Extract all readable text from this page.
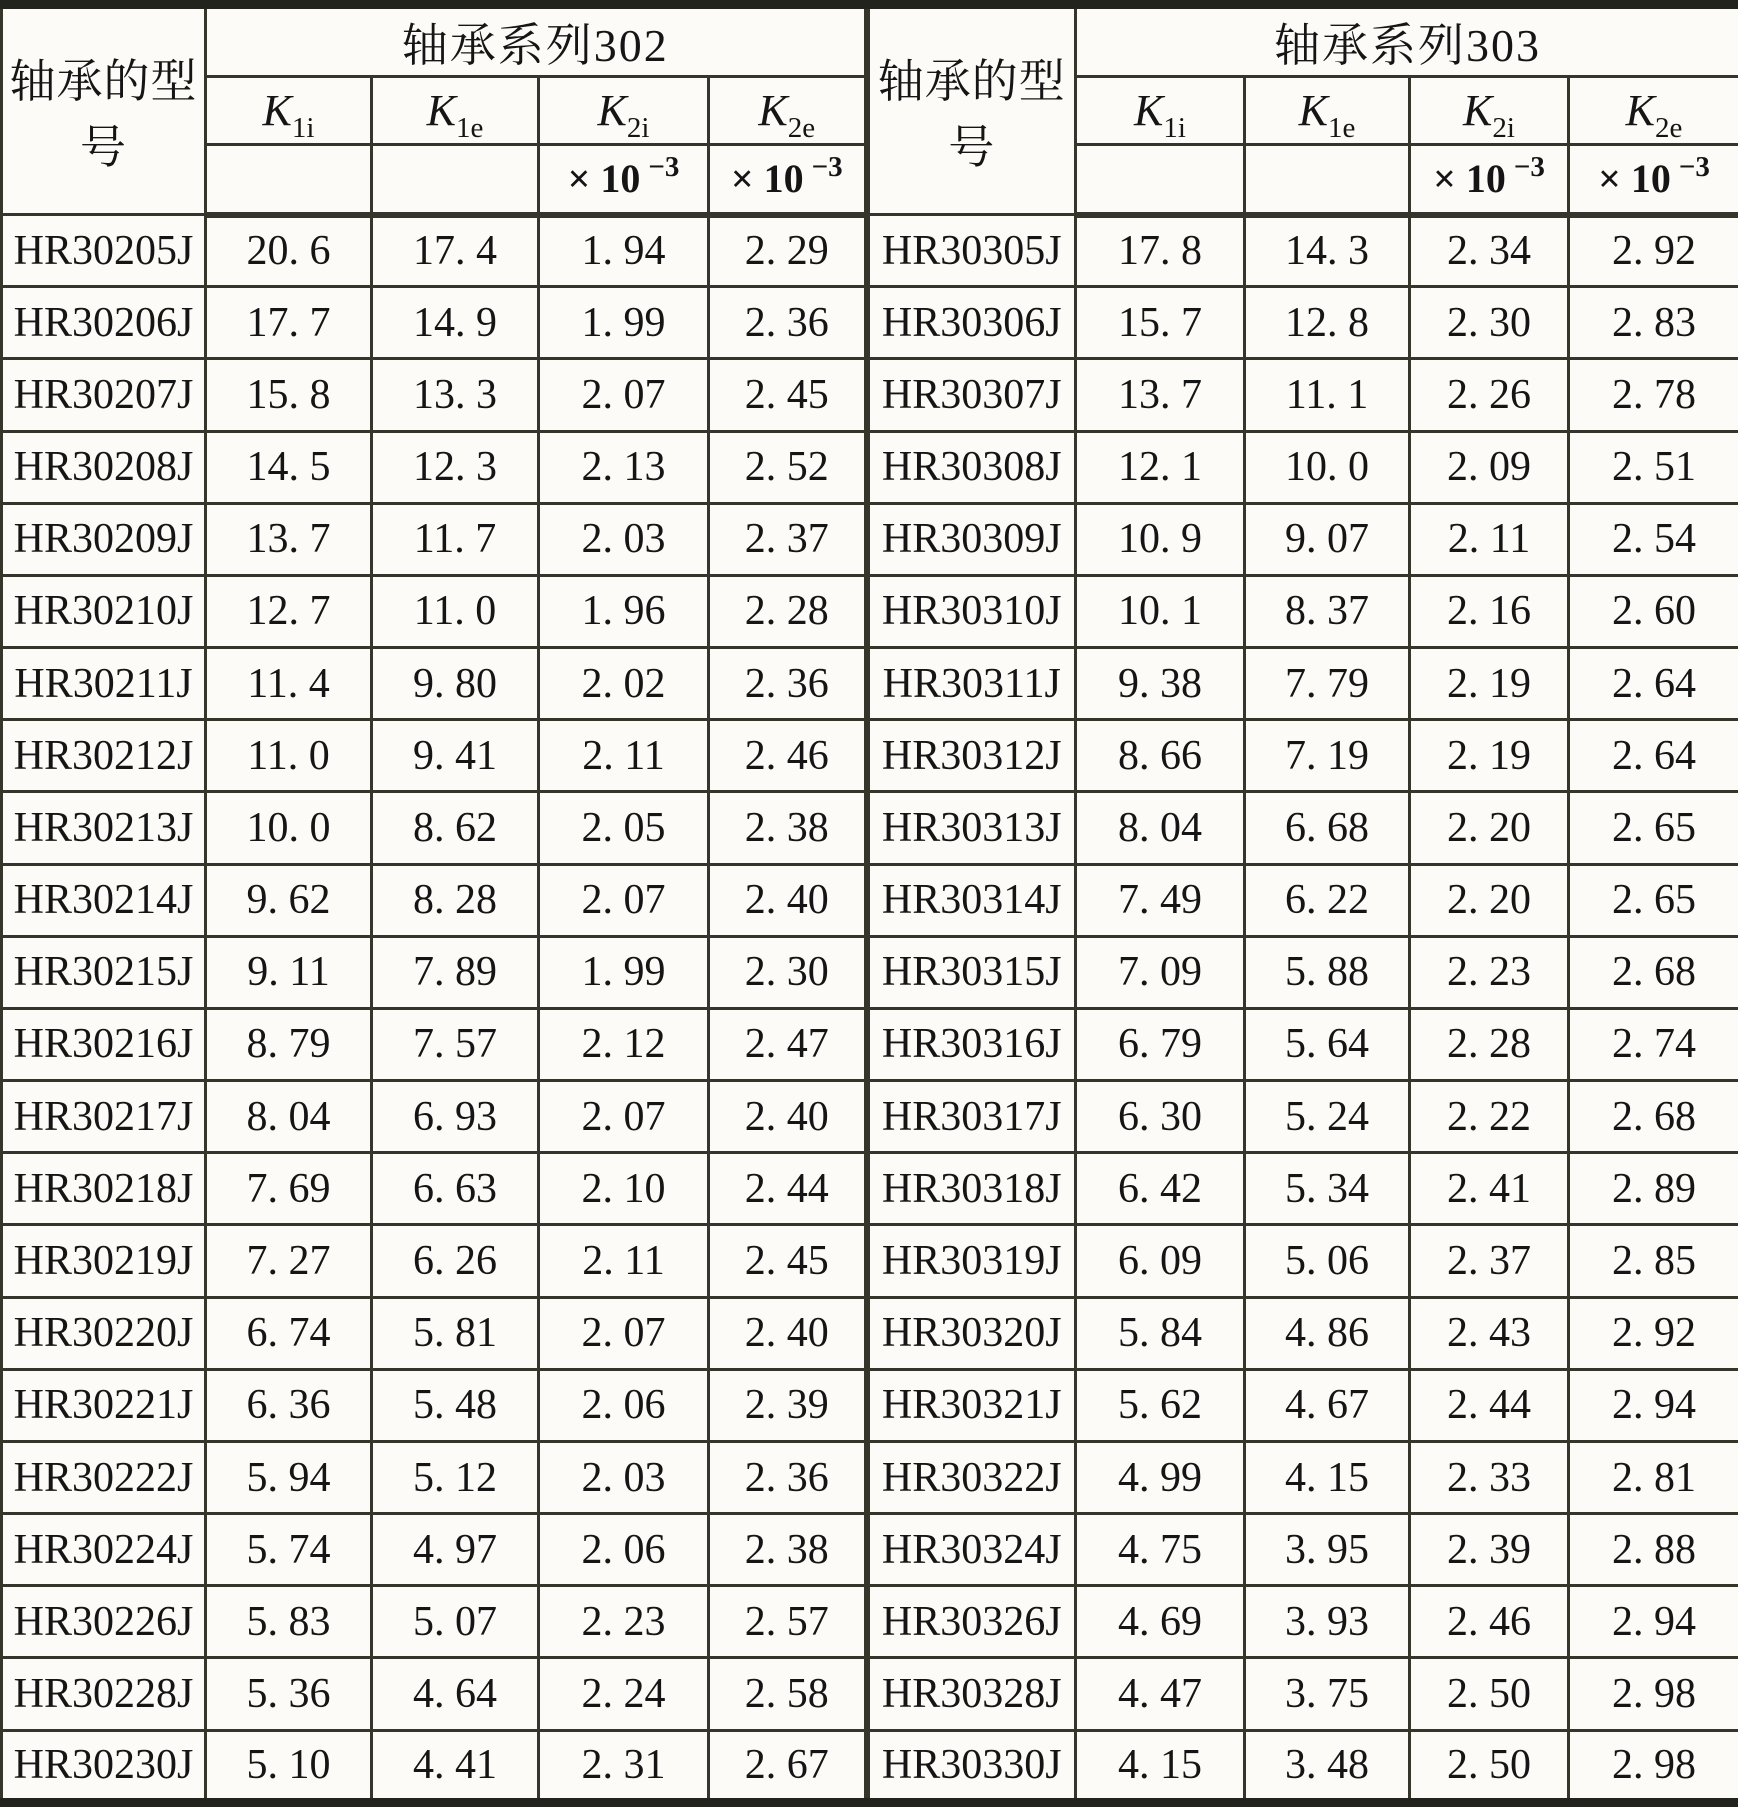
轴承的型号	轴承系列302				轴承的型号	轴承系列303			
	$K_{1i}$	$K_{1e}$	$K_{2i}$	$K_{2e}$		$K_{1i}$	$K_{1e}$	$K_{2i}$	$K_{2e}$
			× 10 $^{-3}$	× 10 $^{-3}$				× 10 $^{-3}$	× 10 $^{-3}$
HR30205J	20. 6	17. 4	1. 94	2. 29	HR30305J	17. 8	14. 3	2. 34	2. 92
HR30206J	17. 7	14. 9	1. 99	2. 36	HR30306J	15. 7	12. 8	2. 30	2. 83
HR30207J	15. 8	13. 3	2. 07	2. 45	HR30307J	13. 7	11. 1	2. 26	2. 78
HR30208J	14. 5	12. 3	2. 13	2. 52	HR30308J	12. 1	10. 0	2. 09	2. 51
HR30209J	13. 7	11. 7	2. 03	2. 37	HR30309J	10. 9	9. 07	2. 11	2. 54
HR30210J	12. 7	11. 0	1. 96	2. 28	HR30310J	10. 1	8. 37	2. 16	2. 60
HR30211J	11. 4	9. 80	2. 02	2. 36	HR30311J	9. 38	7. 79	2. 19	2. 64
HR30212J	11. 0	9. 41	2. 11	2. 46	HR30312J	8. 66	7. 19	2. 19	2. 64
HR30213J	10. 0	8. 62	2. 05	2. 38	HR30313J	8. 04	6. 68	2. 20	2. 65
HR30214J	9. 62	8. 28	2. 07	2. 40	HR30314J	7. 49	6. 22	2. 20	2. 65
HR30215J	9. 11	7. 89	1. 99	2. 30	HR30315J	7. 09	5. 88	2. 23	2. 68
HR30216J	8. 79	7. 57	2. 12	2. 47	HR30316J	6. 79	5. 64	2. 28	2. 74
HR30217J	8. 04	6. 93	2. 07	2. 40	HR30317J	6. 30	5. 24	2. 22	2. 68
HR30218J	7. 69	6. 63	2. 10	2. 44	HR30318J	6. 42	5. 34	2. 41	2. 89
HR30219J	7. 27	6. 26	2. 11	2. 45	HR30319J	6. 09	5. 06	2. 37	2. 85
HR30220J	6. 74	5. 81	2. 07	2. 40	HR30320J	5. 84	4. 86	2. 43	2. 92
HR30221J	6. 36	5. 48	2. 06	2. 39	HR30321J	5. 62	4. 67	2. 44	2. 94
HR30222J	5. 94	5. 12	2. 03	2. 36	HR30322J	4. 99	4. 15	2. 33	2. 81
HR30224J	5. 74	4. 97	2. 06	2. 38	HR30324J	4. 75	3. 95	2. 39	2. 88
HR30226J	5. 83	5. 07	2. 23	2. 57	HR30326J	4. 69	3. 93	2. 46	2. 94
HR30228J	5. 36	4. 64	2. 24	2. 58	HR30328J	4. 47	3. 75	2. 50	2. 98
HR30230J	5. 10	4. 41	2. 31	2. 67	HR30330J	4. 15	3. 48	2. 50	2. 98
